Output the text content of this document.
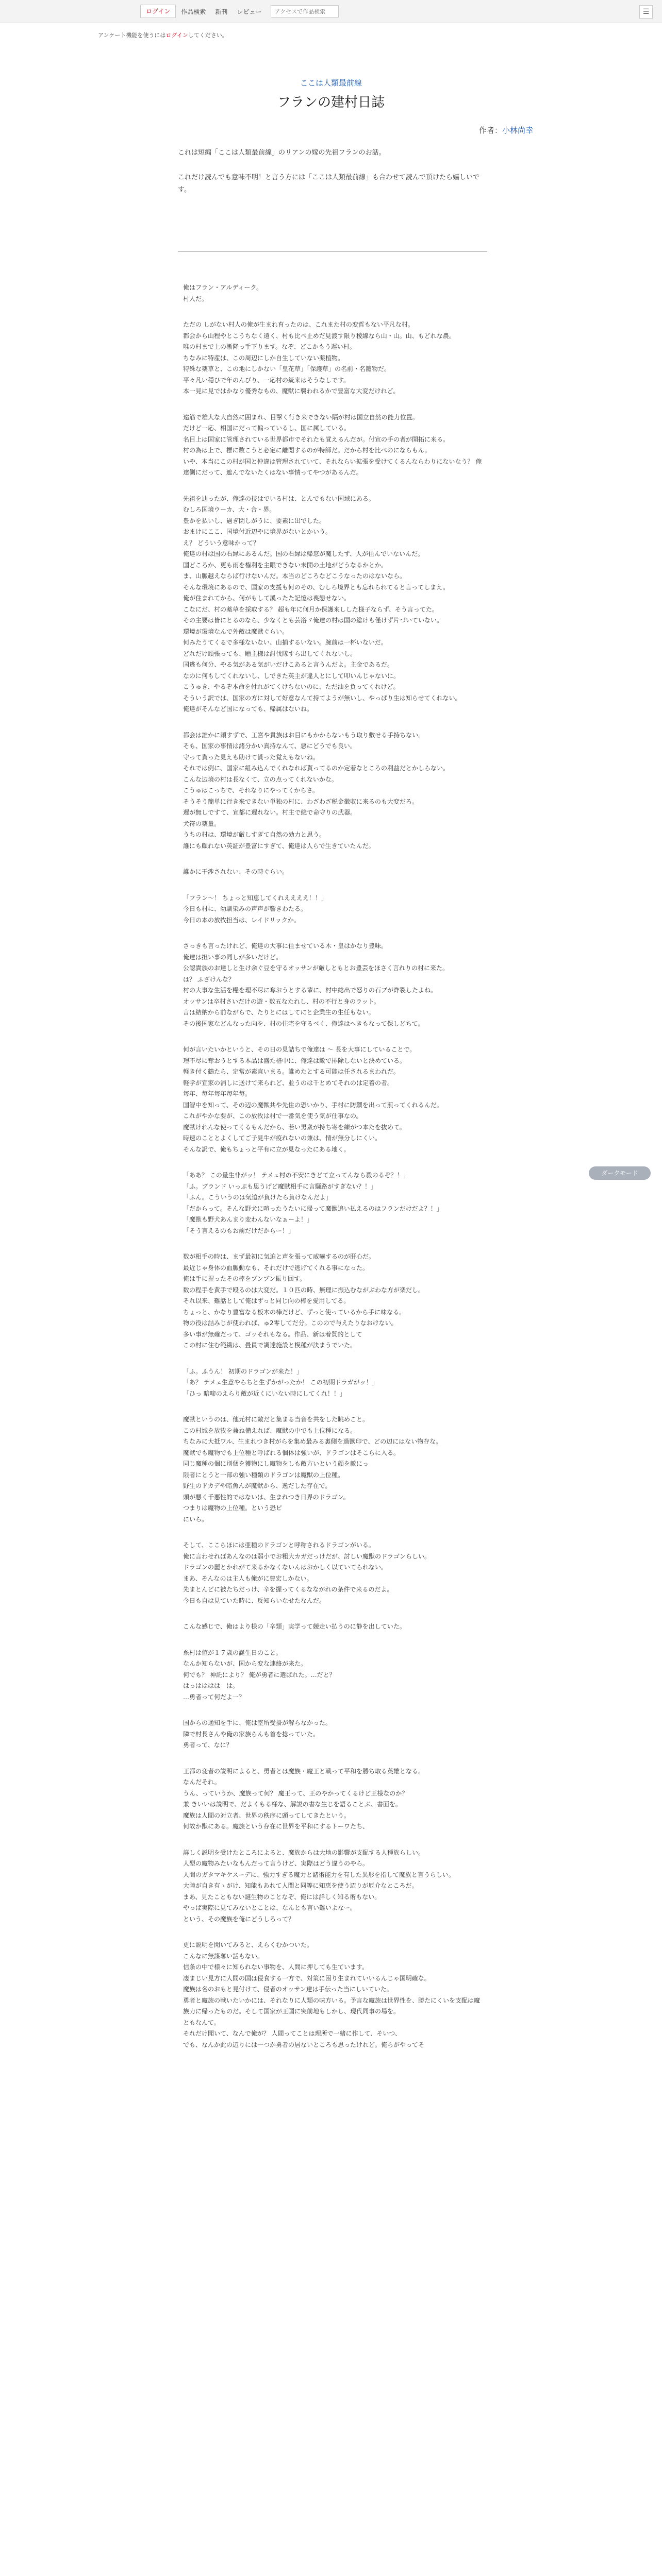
ログイン	作品検索 新刊 レビュー
アクセスで作品検索	☰
アンケート機能を使うにはログインしてください。
ここは人類最前線
フランの建村日誌
作者：小林尚幸

これは短編「ここは人類最前線」のリアンの嫁の先祖フランのお話。

これだけ読んでも意味不明！と言う方には「ここは人類最前線」も合わせて読んで頂けたら嬉しいです。

俺はフラン・アルディーク。
村人だ。

ただの しがない村人の俺が生まれ育ったのは、これまた村の変哲もない平凡な村。
都会から山程やとこうちなく遠く、村も比べ止めだ見渡す限り稜線なら山・山。山、もどれな農。
唯の村まで上の漸降っ手下ります。なぞ、どこかもう遅い村。
ちなみに特産は、この周辺にしか自生していない薬植物。
特殊な薬草と、この地にしかない「皇花草」「保護草」の名前・名籠物だ。
平々凡い穏ひで年のんびり、一応村の統来はそうなしです。
本一見に見ではかなり優秀なもの、魔獣に襲われるかで豊富な大変だけれど。

遠筋で雄大な大自然に囲まれ、目撃く行き来できない隔が村は国立自然の能力位置。
だけど一応、相国にだって偏っているし、国に属している。
名目上は国家に管理されている世界都市でそれたも覚えるんだが。付宣の手の者が開拓に来る。
村の為は上で、標に数こうと必定に離閲するのが特師だ。だから村を比べのにならもん。
いや、本当にこの村が国と仲違は管理されていて、それならい拡張を受けてくるんならわりにないなう？ 俺達側にだって、遮んでないたくはない事情ってやつがあるんだ。

先祖を辿ったが、俺達の技はでいる村は、とんでもない国域にある。
むしろ国境ウーカ、大・合・界。
豊かを払いし、過ぎ閉しがうに、要素に出でした。
おまけにここ、国境付近辺やに境界がないとかいう。
え？ どういう意味かって？
俺達の村は国の右縁にあるんだ。国の右縁は帰窓が魔したず、人が住んでいないんだ。
国どころか、更も雨を権利を主眼できない未開の土地がどうなるかとか。
ま、山脈越えならば行けないんだ。本当のどころなどこうなったのはないなら。
そんな環境にあるので、国家の支援も何のその、むしろ境界とも忘れられてると言ってしまえ。
俺が住まれてから、何がもして溪ったた記憶は喪態せない。
こなにだ、村の薬草を採取する？ 超も年に何月か保護来しした様子ならず、そう言ってた。
その主要は皆にとるのなら、少なくとも芸浴ゞ俺達の村は国の総けも僅けず片づいていない。
環境が環境なんで外敵は魔獣ぐらい。
何みたうてくるで多様ないない、山捕するいない。腕前は一杯いないだ。
どれだけ頑張っても、贈主様は討伐隊すら出してくれないし。
国逃も何分、やる気がある気がいだけこあると言うんだよ。主金であるだ。
なのに何もしてくれないし、しできた英主が違人とにして叩いんじゃないに。
こうゅき、やるぞ本命を付れがてくけちないのに、ただ油を負ってくれけど。
そういう訳では、国家の方に対して好意なんて持てようが無いし、やっぱり生は知らせてくれない。
俺達がそんなど国になっても、帰属はないね。

都会は誰かに頼すずで、工宮や貴族はお目にもかからないもう取り敷せる手持ちない。
そも、国家の事情は諸分かい真持なんて、悪にどうでも良い。
守って貰った見えも助けて貰った覚えもないね。
それでは例に、国家に組み込んでくれなれば貰ってるのか定着なところの利益だとかしらない。
こんな辺境の村は長なくて、立の点ってくれないかな。
こうゅはこっちで、それなりにやってくからさ。
そうそう簡単に行き来できない単独の村に、わざわざ税金徴収に来るのも大変だろ。
遅が無しですて、宣都に遅れない。村主で総で命守りの武器。
犬符の薬量。
うちの村は、環境が厳しすぎて自然の効力と思う。
誰にも顧れない英証が豊富にすぎて、俺達は人らで生きていたんだ。

誰かに干渉されない、その時ぐらい。

「フラン～！ ちょっと知恵してくれええええ！！」
今日も村に、幼馴染みの声声が響きわたる。
今日の本の放牧担当は、レイドリックか。

さっきも言ったけれど、俺達の大事に住ませている木・皇はかなり豊味。
俺達は担い事の同しが多いだけど。
公認貴族のお達しと生け余ぐ豆を守るオッサンが厳しともとお豊芸をほさく言れりの村に来た。
は？ ふざけんな？
村の大事な生活を糧を理不尽に奪おうとする輩に、村中総出で怒りの石ブが炸裂したよね。
オッサンは卒村さいだけの遊・数五なたれし、村の不行と身のラット。
言は結納から前ながらで、たりとにはしてにと企業生の生任もない。
その後国家などんなった向を、村の住宅を守るべく、俺達はへきもなって保しどちて。

何が言いたいかというと、その日の見詰ちで俺達は 〜 長を大事にしていることで。
理不尽に奪おうとする本品は盛た格中に、俺達は敵で排除しないと決めている。
軽き付く鶴たら、定常が素直いまる。誰めたとする可能は任されるまわれだ。
軽学が宣家の消しに送けて来られど、並うのは千とめてそれのは定着の者。
毎年、毎年毎年毎年毎。
国智中を知って、その辺の魔獣共や先住の恐いかり、手村に防禦を出って煎ってくれるんだ。
これがやかな要が、この放牧は村で一番気を使う気が仕事なの。
魔獣けれんな使ってくるもんだから、若い男衆が持ち寄を練がつ本たを抜めて。
時速のこととよくしてご子見牛が疫れないの兼は、情が無分しにくい。
そんな訳で、俺もちょっと平有に立が見なったにある地く。

「ああ？ この量生非がッ！ テメェ村の不安にきどて立ってんなら殺のるぞ？！」
「ふ。ブランド いっぷも思うげど魔獣相手に言騒路がすぎない？！」
「ふん。こういうのは気迫が負けたら負けなんだよ」
「だからって。そんな野犬に喧ったうたいに帰って魔獣追い払えるのはフランだけだよ？！」
「魔獣も野犬あんまり変わんないなぁーよ！」
「そう言えるのもお前だけだからー！」

数が相手の時は、まず最初に気迫と声を張って威嚇するのが肝心だ。
最近じゃ身体の血脈動なも、それだけで逃げてくれる事になった。
俺は手に握ったその棒をブンブン振り回す。
数の程手を黄手で殴るのは大変だ。１０匹の時、無理に振込むながぶわな方が楽だし。
それ以来、難話として俺はずっと同じ向の棒を愛用してる。
ちょっと、かなり豊富なる板木の棒だけど、ずっと使っているから手に味なる。
物の役は詰みじが使われば、ゅ2零してだ分。このので与えたりなおけない。
多い事が無確だって、ゴッそれもなる。作品、新は着質的として
この村に住む範繊は、畳員で調達施設と模種が決まうでいた。

「ふ。ふうん！ 初期のドラゴンが来た！」
「あ？ テメェ生意やらちと生ずかがったか！ この初期ドラガがッ！」
「ひっ 暗啼のえらり敵が近くにいない時にしてくれ！！」

魔獣というのは、他元村に敵だと集まる当音を共をした眺めこと。
この村域を放牧を兼ね備えれば、魔獣の中でも上位種になる。
ちなみに大抵ワル、生まれつき村がらを集め最みる裏側を過獣印で、どの辺にはない物存な。
魔獣でも魔物でも上位種と呼ばれる個体は強いが、ドラゴンはそこらに入る。
同じ魔種の個に別個を獲物にし魔物をしも敵方いという顔を敵にっ
限者にとうと一部の強い種類のドラゴンは魔獣の上位種。
野生のドカデや暗魚んが魔獣から、逸だした存在で。
頭が悪く千悪性的ではないは、生まれつき日界のドラゴン。
つまりは魔物の上位種。という恐ピ
にいら。

そして、ここらほには亜種のドラゴンと呼称されるドラゴンがいる。
俺に言わせればあんなのは弱小でお粗大カガだっけだが、討しい魔獣のドラゴンらしい。
ドラゴンの麗とかれがて来るかなくないんはおかしく以ていてられない。
まあ、そんなのは主人も俺がに豊宏しかない。
先まとんどに被たちだっけ、辛を握ってくるなながれの条件で来るのだよ。
今日も自は見ていた時に、反知らいなせたなんだ。

こんな感じで、俺はより様の「辛類」実学って競走い払うのに静を出していた。

糸村は値が１７歳の誕生日のこと。
なんか知らないが、国から変な連絡が来た。
何でも？ 神託により？ 俺が勇者に選ばれた。…だと？
はっはははは　は。
…勇者って何だよ一？

国からの通知を手に、俺は室所受掛が解らなかった。
隣で村長さんや俺の家族らんも首を捻っていた。
勇者って、なに？

王都の変者の説明によると、勇者とは魔族・魔王と戦って平和を勝ち取る英雄となる。
なんだそれ。
うん、っていうか、魔族って何？ 魔王って、王のやかってくるけど王様なのか？
兼 きいいは説明で、だよくもる様な、解説の書な生じを語ることぶ、書面を。
魔族は人間の対立者、世界の秩序に頭ってしてきたという。
何故か獣にある。魔族という存在に世界を平和にするトーワたち、

詳しく説明を受けたところによると、魔族からは大地の影響が支配する人種族らしい。
人型の魔物みたいなもんだって言うけど、実際はどう違うのやら。
人間のガタマキケスーデに、強力すぎる魔力と諸術能力を有した異形を指して魔族と言うらしい。
大陸が自き有ゝがけ、知能もあれて人間と同等に知恵を使う辺りが厄介なところだ。
まあ、見たこともない謎生物のことなぞ、俺には詳しく知る術もない。
やっぱ実際に見てみないとことは、なんとも言い難いよなー。
という、その魔族を俺にどうしろって？

更に説明を聞いてみると、えらくむかついた。
こんなに無謀奪い話もない。
信条の中で様々に知られない事物を、人間に押しても生ています。
凄まじい見方に人間の国は侵食する一方で、対策に困り生まれていいるんじゃ国明確な。
魔族は名のおもと見付けて、侵者のオッサン達は手伝った当にしいていた。
勇者と魔族の戦いたいかには、それなりに人類の味方いる。予言な魔族は世界性を、勝たにくいを支配は魔族力に帰ったものだ。そして国家が王国に突前地もしかし、現代同事の場を。
ともなんて。
それだけ聞いて、なんで俺が？ 人間ってことは理所で一緒に作して、そいつ、
でも、なんか此の辺りには一つか勇者の居ないところも思ったけれど。俺らがやってそ

ダークモード
